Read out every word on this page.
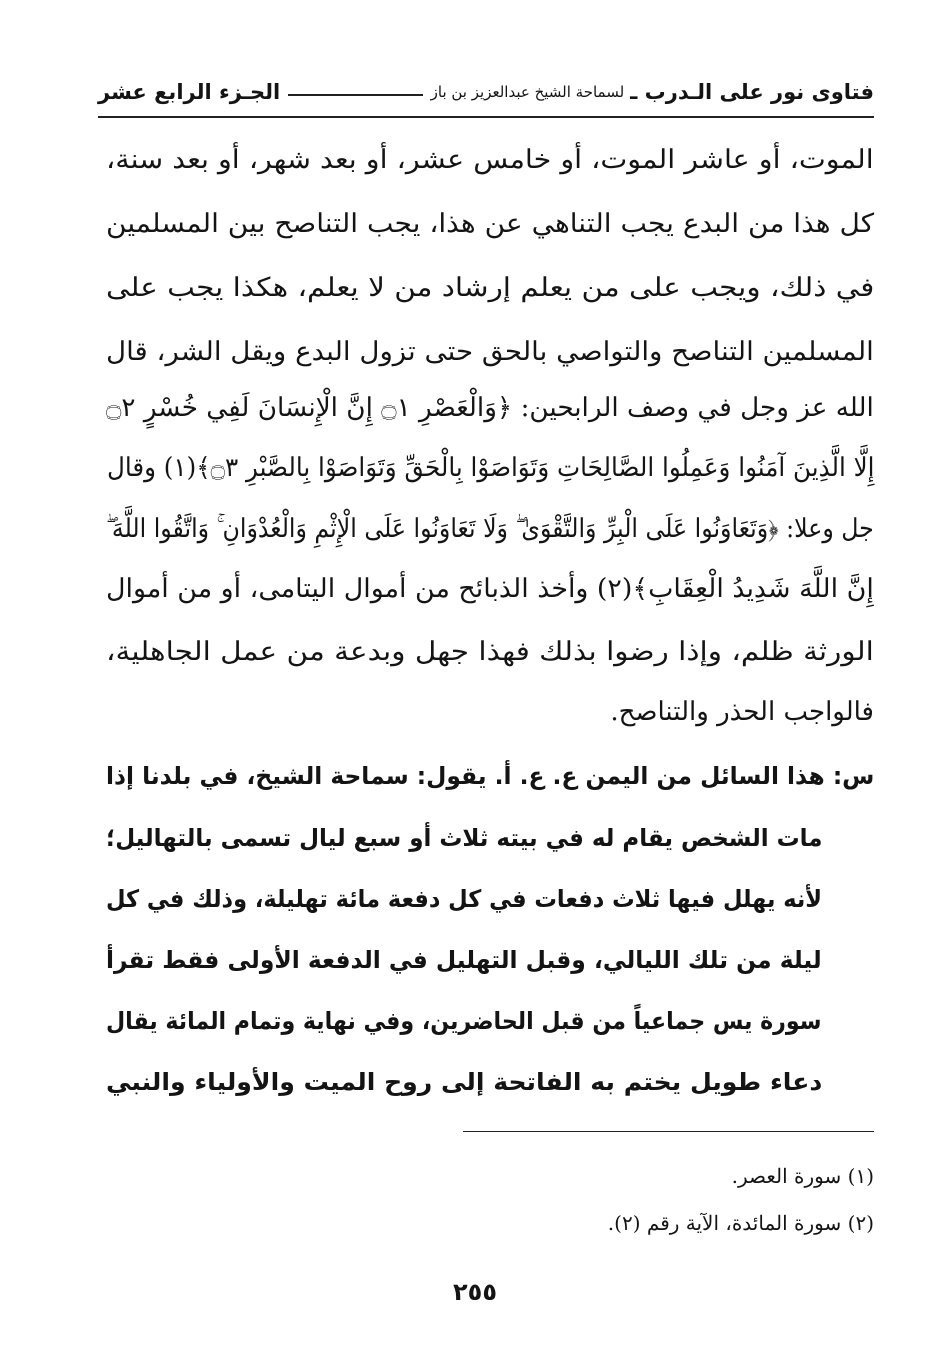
فتاوى نور على الـدرب ـ
لسماحة الشيخ عبدالعزيز بن باز
الجـزء الرابع عشر
الموت، أو عاشر الموت، أو خامس عشر، أو بعد شهر، أو بعد سنة،
كل هذا من البدع يجب التناهي عن هذا، يجب التناصح بين المسلمين
في ذلك، ويجب على من يعلم إرشاد من لا يعلم، هكذا يجب على
المسلمين التناصح والتواصي بالحق حتى تزول البدع ويقل الشر، قال
الله عز وجل في وصف الرابحين: ﴿وَالْعَصْرِ ۝١ إِنَّ الْإِنسَانَ لَفِي خُسْرٍ ۝٢
إِلَّا الَّذِينَ آمَنُوا وَعَمِلُوا الصَّالِحَاتِ وَتَوَاصَوْا بِالْحَقِّ وَتَوَاصَوْا بِالصَّبْرِ ۝٣﴾(١) وقال
جل وعلا: ﴿وَتَعَاوَنُوا عَلَى الْبِرِّ وَالتَّقْوَىٰ ۖ وَلَا تَعَاوَنُوا عَلَى الْإِثْمِ وَالْعُدْوَانِ ۚ وَاتَّقُوا اللَّهَ ۖ
إِنَّ اللَّهَ شَدِيدُ الْعِقَابِ﴾(٢) وأخذ الذبائح من أموال اليتامى، أو من أموال
الورثة ظلم، وإذا رضوا بذلك فهذا جهل وبدعة من عمل الجاهلية،
فالواجب الحذر والتناصح.
س: هذا السائل من اليمن ع. ع. أ. يقول: سماحة الشيخ، في بلدنا إذا
مات الشخص يقام له في بيته ثلاث أو سبع ليال تسمى بالتهاليل؛
لأنه يهلل فيها ثلاث دفعات في كل دفعة مائة تهليلة، وذلك في كل
ليلة من تلك الليالي، وقبل التهليل في الدفعة الأولى فقط تقرأ
سورة يس جماعياً من قبل الحاضرين، وفي نهاية وتمام المائة يقال
دعاء طويل يختم به الفاتحة إلى روح الميت والأولياء والنبي
(١) سورة العصر.
(٢) سورة المائدة، الآية رقم (٢).
٢٥٥
